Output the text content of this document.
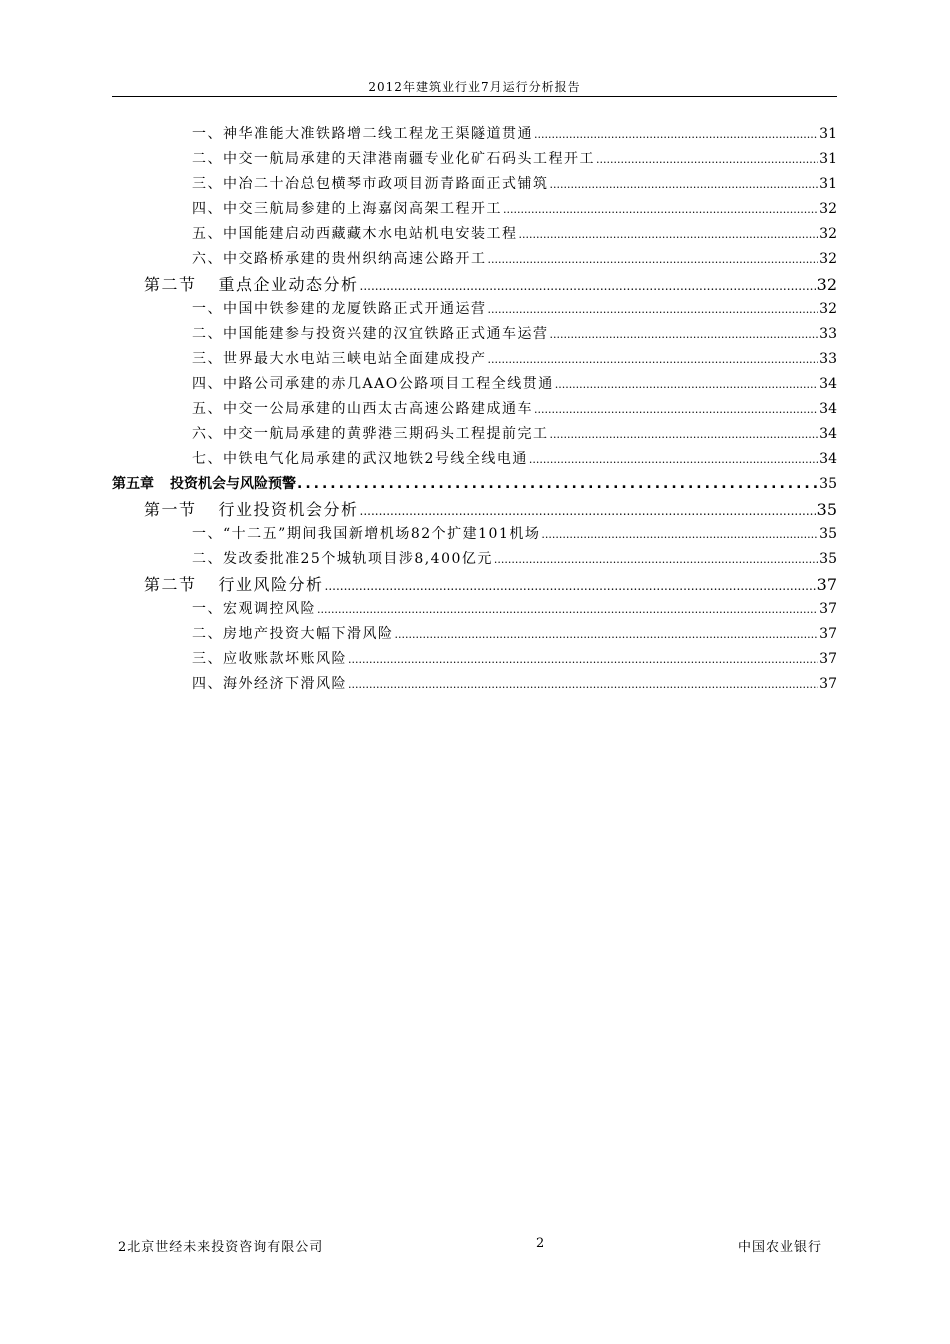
2012年建筑业行业7月运行分析报告
一、神华准能大准铁路增二线工程龙王渠隧道贯通 .....	31
二、中交一航局承建的天津港南疆专业化矿石码头工程开工 .....	31
三、中冶二十冶总包横琴市政项目沥青路面正式铺筑 .....	31
四、中交三航局参建的上海嘉闵高架工程开工 .....	32
五、中国能建启动西藏藏木水电站机电安装工程 .....	32
六、中交路桥承建的贵州织纳高速公路开工 .....	32
第二节 重点企业动态分析 .....	32
一、中国中铁参建的龙厦铁路正式开通运营 .....	32
二、中国能建参与投资兴建的汉宜铁路正式通车运营 .....	33
三、世界最大水电站三峡电站全面建成投产 .....	33
四、中路公司承建的赤几AAO公路项目工程全线贯通 .....	34
五、中交一公局承建的山西太古高速公路建成通车 .....	34
六、中交一航局承建的黄骅港三期码头工程提前完工 .....	34
七、中铁电气化局承建的武汉地铁2号线全线电通 .....	34
第五章 投资机会与风险预警 .....	35
第一节 行业投资机会分析 .....	35
一、“十二五”期间我国新增机场82个扩建101机场 .....	35
二、发改委批准25个城轨项目涉8,400亿元 .....	35
第二节 行业风险分析 .....	37
一、宏观调控风险 .....	37
二、房地产投资大幅下滑风险 .....	37
三、应收账款坏账风险 .....	37
四、海外经济下滑风险 .....	37
2北京世经未来投资咨询有限公司	2	中国农业银行
